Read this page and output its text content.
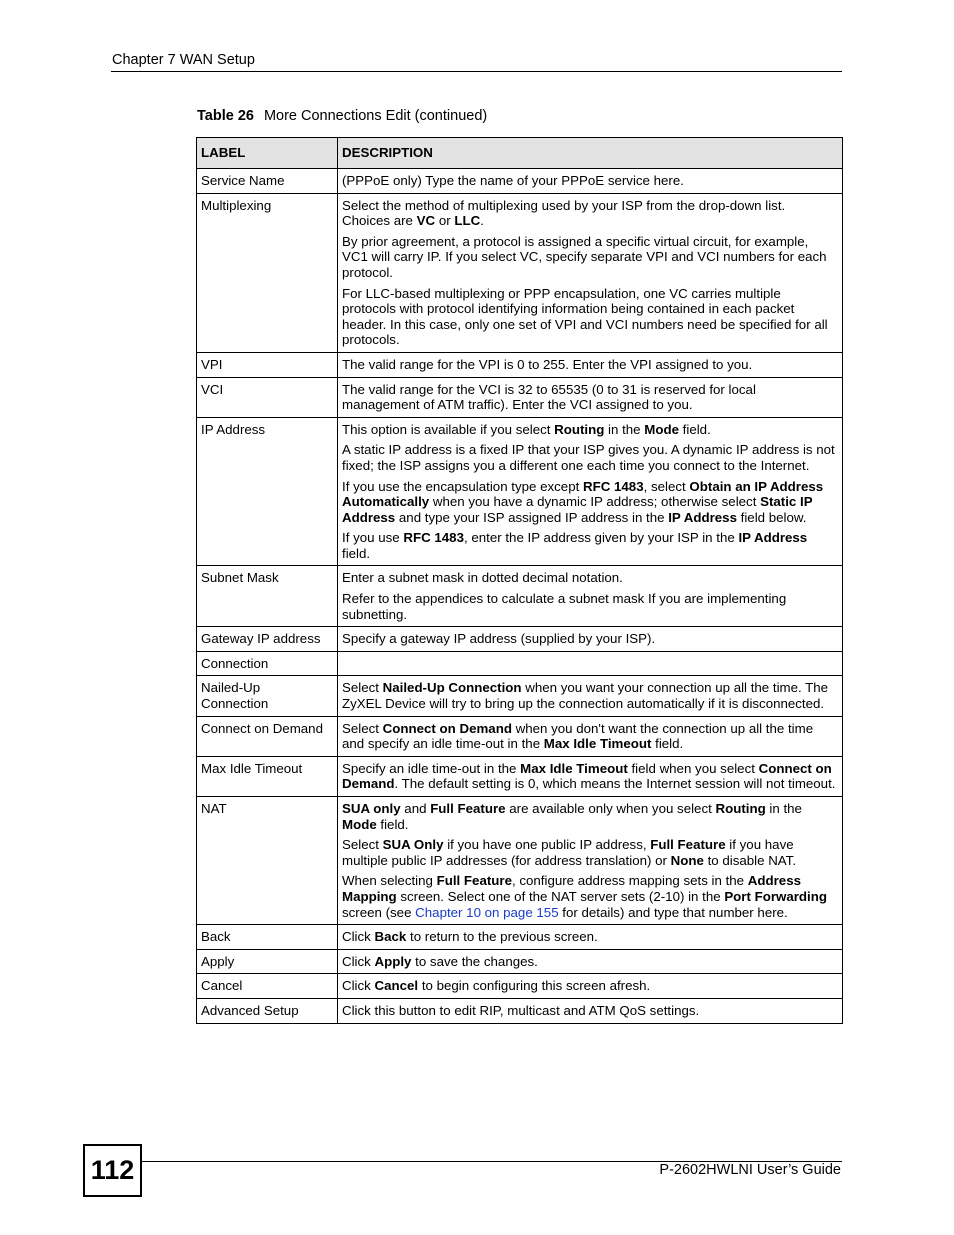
Chapter 7 WAN Setup
Table 26 More Connections Edit (continued)
LABEL	DESCRIPTION
Service Name	(PPPoE only) Type the name of your PPPoE service here.

Multiplexing	Select the method of multiplexing used by your ISP from the drop-down list. Choices are VC or LLC.

By prior agreement, a protocol is assigned a specific virtual circuit, for example, VC1 will carry IP. If you select VC, specify separate VPI and VCI numbers for each protocol.

For LLC-based multiplexing or PPP encapsulation, one VC carries multiple protocols with protocol identifying information being contained in each packet header. In this case, only one set of VPI and VCI numbers need be specified for all protocols.

VPI	The valid range for the VPI is 0 to 255. Enter the VPI assigned to you.

VCI	The valid range for the VCI is 32 to 65535 (0 to 31 is reserved for local management of ATM traffic). Enter the VCI assigned to you.

IP Address	This option is available if you select Routing in the Mode field.

A static IP address is a fixed IP that your ISP gives you. A dynamic IP address is not fixed; the ISP assigns you a different one each time you connect to the Internet.

If you use the encapsulation type except RFC 1483, select Obtain an IP Address Automatically when you have a dynamic IP address; otherwise select Static IP Address and type your ISP assigned IP address in the IP Address field below.

If you use RFC 1483, enter the IP address given by your ISP in the IP Address field.

Subnet Mask	Enter a subnet mask in dotted decimal notation.

Refer to the appendices to calculate a subnet mask If you are implementing subnetting.

Gateway IP address	Specify a gateway IP address (supplied by your ISP).

Connection	
Nailed-Up Connection	Select Nailed-Up Connection when you want your connection up all the time. The ZyXEL Device will try to bring up the connection automatically if it is disconnected.

Connect on Demand	Select Connect on Demand when you don't want the connection up all the time and specify an idle time-out in the Max Idle Timeout field.

Max Idle Timeout	Specify an idle time-out in the Max Idle Timeout field when you select Connect on Demand. The default setting is 0, which means the Internet session will not timeout.

NAT	SUA only and Full Feature are available only when you select Routing in the Mode field.

Select SUA Only if you have one public IP address, Full Feature if you have multiple public IP addresses (for address translation) or None to disable NAT.

When selecting Full Feature, configure address mapping sets in the Address Mapping screen. Select one of the NAT server sets (2-10) in the Port Forwarding screen (see Chapter 10 on page 155 for details) and type that number here.

Back	Click Back to return to the previous screen.

Apply	Click Apply to save the changes.

Cancel	Click Cancel to begin configuring this screen afresh.

Advanced Setup	Click this button to edit RIP, multicast and ATM QoS settings.

112	P-2602HWLNI User’s Guide
